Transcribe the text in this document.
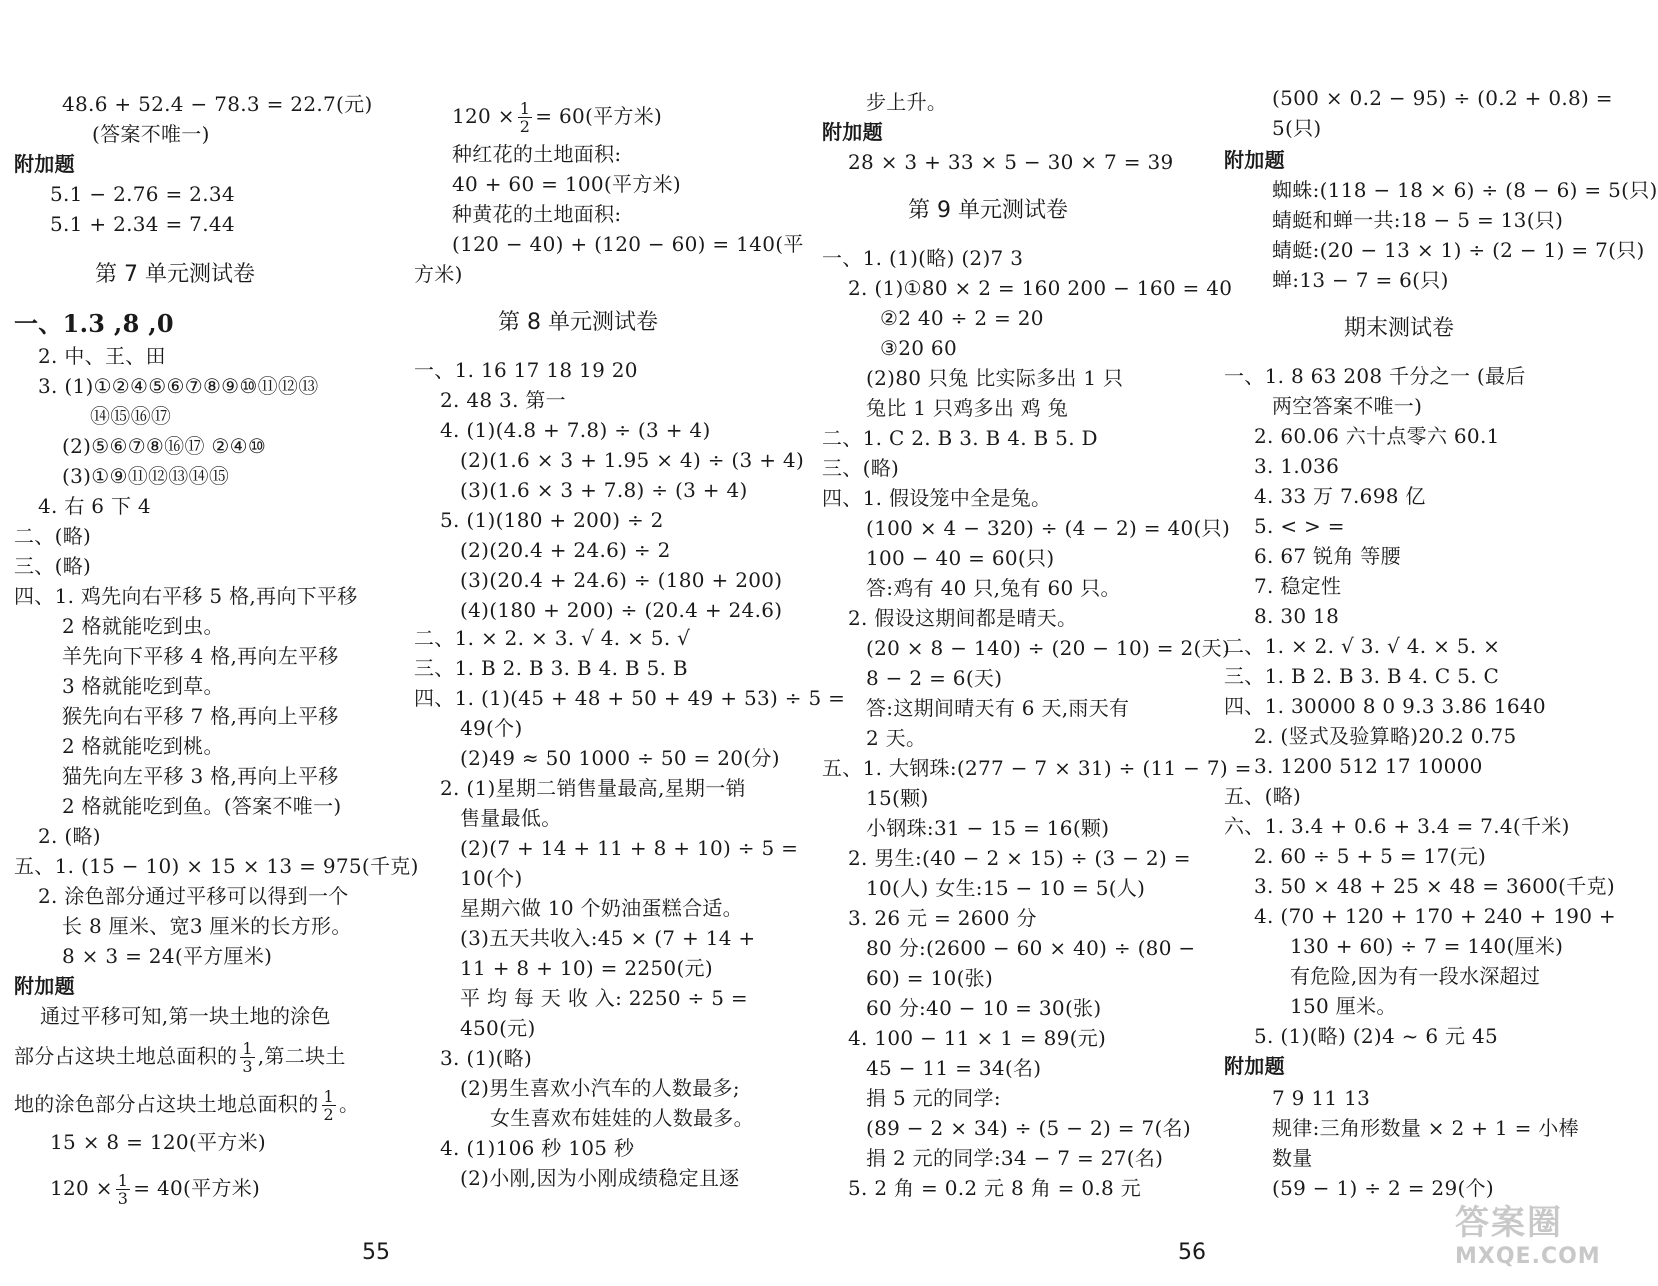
48.6 + 52.4 − 78.3 = 22.7(元)
(答案不唯一)
附加题
5.1 − 2.76 = 2.34
5.1 + 2.34 = 7.44
第 7 单元测试卷
一、1.3 ,8 ,0
2. 中、王、田
3. (1)①②④⑤⑥⑦⑧⑨⑩⑪⑫⑬
⑭⑮⑯⑰
(2)⑤⑥⑦⑧⑯⑰ ②④⑩
(3)①⑨⑪⑫⑬⑭⑮
4. 右 6 下 4
二、(略)
三、(略)
四、1. 鸡先向右平移 5 格,再向下平移
2 格就能吃到虫。
羊先向下平移 4 格,再向左平移
3 格就能吃到草。
猴先向右平移 7 格,再向上平移
2 格就能吃到桃。
猫先向左平移 3 格,再向上平移
2 格就能吃到鱼。(答案不唯一)
2. (略)
五、1. (15 − 10) × 15 × 13 = 975(千克)
2. 涂色部分通过平移可以得到一个
长 8 厘米、宽3 厘米的长方形。
8 × 3 = 24(平方厘米)
附加题
通过平移可知,第一块土地的涂色
部分占这块土地总面积的 $\frac{1}{3}$ ,第二块土
地的涂色部分占这块土地总面积的 $\frac{1}{2}$ 。
15 × 8 = 120(平方米)
$120 \times \frac{1}{3} = 40$(平方米)
$120 \times \frac{1}{2} = 60$(平方米)
种红花的土地面积:
40 + 60 = 100(平方米)
种黄花的土地面积:
(120 − 40) + (120 − 60) = 140(平
方米)
第 8 单元测试卷
一、1. 16 17 18 19 20
2. 48 3. 第一
4. (1)(4.8 + 7.8) ÷ (3 + 4)
(2)(1.6 × 3 + 1.95 × 4) ÷ (3 + 4)
(3)(1.6 × 3 + 7.8) ÷ (3 + 4)
5. (1)(180 + 200) ÷ 2
(2)(20.4 + 24.6) ÷ 2
(3)(20.4 + 24.6) ÷ (180 + 200)
(4)(180 + 200) ÷ (20.4 + 24.6)
二、1. × 2. × 3. √ 4. × 5. √
三、1. B 2. B 3. B 4. B 5. B
四、1. (1)(45 + 48 + 50 + 49 + 53) ÷ 5 =
49(个)
(2)49 ≈ 50 1000 ÷ 50 = 20(分)
2. (1)星期二销售量最高,星期一销
售量最低。
(2)(7 + 14 + 11 + 8 + 10) ÷ 5 =
10(个)
星期六做 10 个奶油蛋糕合适。
(3)五天共收入:45 × (7 + 14 +
11 + 8 + 10) = 2250(元)
平 均 每 天 收 入: 2250 ÷ 5 =
450(元)
3. (1)(略)
(2)男生喜欢小汽车的人数最多;
女生喜欢布娃娃的人数最多。
4. (1)106 秒 105 秒
(2)小刚,因为小刚成绩稳定且逐
55
步上升。
附加题
28 × 3 + 33 × 5 − 30 × 7 = 39
第 9 单元测试卷
一、1. (1)(略) (2)7 3
2. (1)①80 × 2 = 160 200 − 160 = 40
②2 40 ÷ 2 = 20
③20 60
(2)80 只兔 比实际多出 1 只
兔比 1 只鸡多出 鸡 兔
二、1. C 2. B 3. B 4. B 5. D
三、(略)
四、1. 假设笼中全是兔。
(100 × 4 − 320) ÷ (4 − 2) = 40(只)
100 − 40 = 60(只)
答:鸡有 40 只,兔有 60 只。
2. 假设这期间都是晴天。
(20 × 8 − 140) ÷ (20 − 10) = 2(天)
8 − 2 = 6(天)
答:这期间晴天有 6 天,雨天有
2 天。
五、1. 大钢珠:(277 − 7 × 31) ÷ (11 − 7) =
15(颗)
小钢珠:31 − 15 = 16(颗)
2. 男生:(40 − 2 × 15) ÷ (3 − 2) =
10(人) 女生:15 − 10 = 5(人)
3. 26 元 = 2600 分
80 分:(2600 − 60 × 40) ÷ (80 −
60) = 10(张)
60 分:40 − 10 = 30(张)
4. 100 − 11 × 1 = 89(元)
45 − 11 = 34(名)
捐 5 元的同学:
(89 − 2 × 34) ÷ (5 − 2) = 7(名)
捐 2 元的同学:34 − 7 = 27(名)
5. 2 角 = 0.2 元 8 角 = 0.8 元
56
(500 × 0.2 − 95) ÷ (0.2 + 0.8) =
5(只)
附加题
蜘蛛:(118 − 18 × 6) ÷ (8 − 6) = 5(只)
蜻蜓和蝉一共:18 − 5 = 13(只)
蜻蜓:(20 − 13 × 1) ÷ (2 − 1) = 7(只)
蝉:13 − 7 = 6(只)
期末测试卷
一、1. 8 63 208 千分之一 (最后
两空答案不唯一)
2. 60.06 六十点零六 60.1
3. 1.036
4. 33 万 7.698 亿
5. < > =
6. 67 锐角 等腰
7. 稳定性
8. 30 18
二、1. × 2. √ 3. √ 4. × 5. ×
三、1. B 2. B 3. B 4. C 5. C
四、1. 30000 8 0 9.3 3.86 1640
2. (竖式及验算略)20.2 0.75
3. 1200 512 17 10000
五、(略)
六、1. 3.4 + 0.6 + 3.4 = 7.4(千米)
2. 60 ÷ 5 + 5 = 17(元)
3. 50 × 48 + 25 × 48 = 3600(千克)
4. (70 + 120 + 170 + 240 + 190 +
130 + 60) ÷ 7 = 140(厘米)
有危险,因为有一段水深超过
150 厘米。
5. (1)(略) (2)4 ~ 6 元 45
附加题
7 9 11 13
规律:三角形数量 × 2 + 1 = 小棒
数量
(59 − 1) ÷ 2 = 29(个)
答案圈
MXQE.COM
